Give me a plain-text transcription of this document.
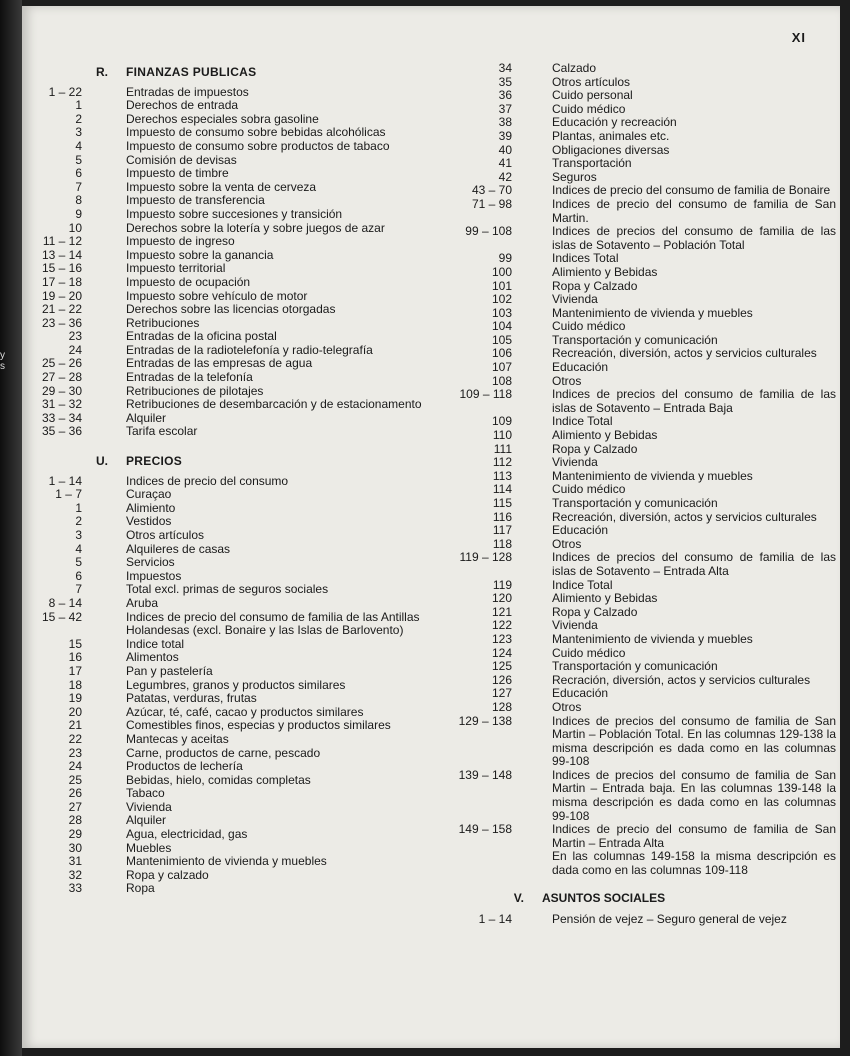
y
s

XI
R.	FINANZAS PUBLICAS
1 – 22	Entradas de impuestos
1	Derechos de entrada
2	Derechos especiales sobra gasoline
3	Impuesto de consumo sobre bebidas alcohólicas
4	Impuesto de consumo sobre productos de tabaco
5	Comisión de devisas
6	Impuesto de timbre
7	Impuesto sobre la venta de cerveza
8	Impuesto de transferencia
9	Impuesto sobre succesiones y transición
10	Derechos sobre la lotería y sobre juegos de azar
11 – 12	Impuesto de ingreso
13 – 14	Impuesto sobre la ganancia
15 – 16	Impuesto territorial
17 – 18	Impuesto de ocupación
19 – 20	Impuesto sobre vehículo de motor
21 – 22	Derechos sobre las licencias otorgadas
23 – 36	Retribuciones
23	Entradas de la oficina postal
24	Entradas de la radiotelefonía y radio-telegrafía
25 – 26	Entradas de las empresas de agua
27 – 28	Entradas de la telefonía
29 – 30	Retribuciones de pilotajes
31 – 32	Retribuciones de desembarcación y de estacionamento
33 – 34	Alquiler
35 – 36	Tarifa escolar
U.	PRECIOS
1 – 14	Indices de precio del consumo
1 – 7	Curaçao
1	Alimiento
2	Vestidos
3	Otros artículos
4	Alquileres de casas
5	Servicios
6	Impuestos
7	Total excl. primas de seguros sociales
8 – 14	Aruba
15 – 42	Indices de precio del consumo de familia de las Antillas Holandesas (excl. Bonaire y las Islas de Barlovento)
15	Indice total
16	Alimentos
17	Pan y pastelería
18	Legumbres, granos y productos similares
19	Patatas, verduras, frutas
20	Azúcar, té, café, cacao y productos similares
21	Comestibles finos, especias y productos similares
22	Mantecas y aceitas
23	Carne, productos de carne, pescado
24	Productos de lechería
25	Bebidas, hielo, comidas completas
26	Tabaco
27	Vivienda
28	Alquiler
29	Agua, electricidad, gas
30	Muebles
31	Mantenimiento de vivienda y muebles
32	Ropa y calzado
33	Ropa
34	Calzado
35	Otros artículos
36	Cuido personal
37	Cuido médico
38	Educación y recreación
39	Plantas, animales etc.
40	Obligaciones diversas
41	Transportación
42	Seguros
43 – 70	Indices de precio del consumo de familia de Bonaire
71 – 98	Indices de precio del consumo de familia de San Martin.
99 – 108	Indices de precios del consumo de familia de las islas de Sotavento – Población Total
99	Indices Total
100	Alimiento y Bebidas
101	Ropa y Calzado
102	Vivienda
103	Mantenimiento de vivienda y muebles
104	Cuido médico
105	Transportación y comunicación
106	Recreación, diversión, actos y servicios culturales
107	Educación
108	Otros
109 – 118	Indices de precios del consumo de familia de las islas de Sotavento – Entrada Baja
109	Indice Total
110	Alimiento y Bebidas
111	Ropa y Calzado
112	Vivienda
113	Mantenimiento de vivienda y muebles
114	Cuido médico
115	Transportación y comunicación
116	Recreación, diversión, actos y servicios culturales
117	Educación
118	Otros
119 – 128	Indices de precios del consumo de familia de las islas de Sotavento – Entrada Alta
119	Indice Total
120	Alimiento y Bebidas
121	Ropa y Calzado
122	Vivienda
123	Mantenimiento de vivienda y muebles
124	Cuido médico
125	Transportación y comunicación
126	Recración, diversión, actos y servicios culturales
127	Educación
128	Otros
129 – 138	Indices de precios del consumo de familia de San Martin – Población Total. En las columnas 129-138 la misma descripción es dada como en las columnas 99-108
139 – 148	Indices de precios del consumo de familia de San Martin – Entrada baja. En las columnas 139-148 la misma descripción es dada como en las columnas 99-108
149 – 158	Indices de precio del consumo de familia de San Martin – Entrada Alta
En las columnas 149-158 la misma descripción es dada como en las columnas 109-118
V.	ASUNTOS SOCIALES
1 – 14	Pensión de vejez – Seguro general de vejez
